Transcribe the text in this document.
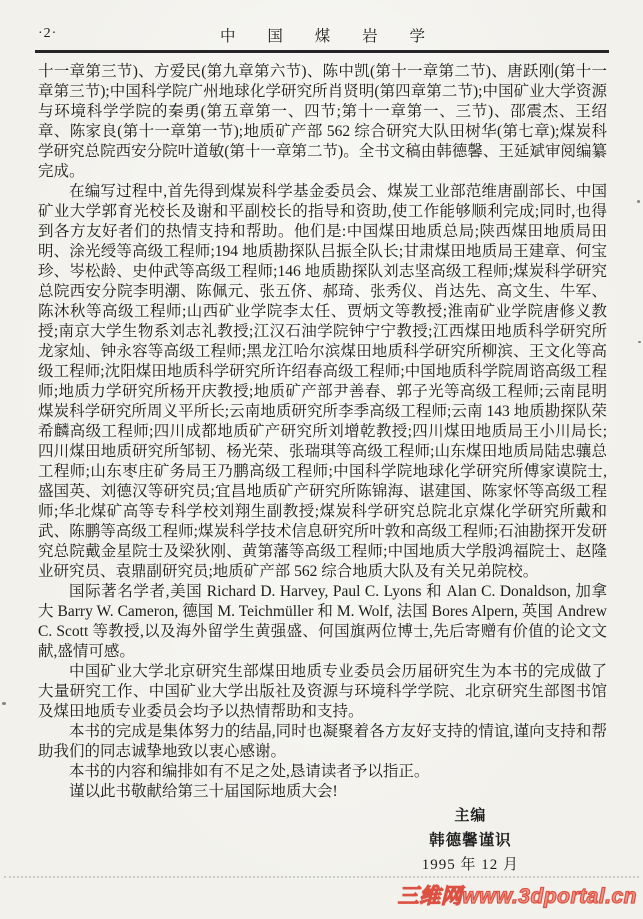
·2·	中 国 煤 岩 学

十一章第三节)、方爱民(第九章第六节)、陈中凯(第十一章第二节)、唐跃刚(第十一章第三节);中国科学院广州地球化学研究所肖贤明(第四章第二节);中国矿业大学资源与环境科学学院的秦勇(第五章第一、四节;第十一章第一、三节)、邵震杰、王绍章、陈家良(第十一章第一节);地质矿产部 562 综合研究大队田树华(第七章);煤炭科学研究总院西安分院叶道敏(第十一章第二节)。全书文稿由韩德馨、王延斌审阅编纂完成。

在编写过程中,首先得到煤炭科学基金委员会、煤炭工业部范维唐副部长、中国矿业大学郭育光校长及谢和平副校长的指导和资助,使工作能够顺利完成;同时,也得到各方友好者们的热情支持和帮助。他们是:中国煤田地质总局;陕西煤田地质局田明、涂光绶等高级工程师;194 地质勘探队吕振全队长;甘肃煤田地质局王建章、何宝珍、岑松龄、史仲武等高级工程师;146 地质勘探队刘志坚高级工程师;煤炭科学研究总院西安分院李明潮、陈佩元、张五侪、郝琦、张秀仪、肖达先、高文生、牛军、陈沐秋等高级工程师;山西矿业学院李太任、贾炳文等教授;淮南矿业学院唐修义教授;南京大学生物系刘志礼教授;江汉石油学院钟宁宁教授;江西煤田地质科学研究所龙家灿、钟永容等高级工程师;黑龙江哈尔滨煤田地质科学研究所柳滨、王文化等高级工程师;沈阳煤田地质科学研究所许绍春高级工程师;中国地质科学院周谘高级工程师;地质力学研究所杨开庆教授;地质矿产部尹善春、郭子光等高级工程师;云南昆明煤炭科学研究所周义平所长;云南地质研究所李季高级工程师;云南 143 地质勘探队荣希麟高级工程师;四川成都地质矿产研究所刘增乾教授;四川煤田地质局王小川局长;四川煤田地质研究所邹韧、杨光荣、张瑞琪等高级工程师;山东煤田地质局陆忠骧总工程师;山东枣庄矿务局王乃鹏高级工程师;中国科学院地球化学研究所傅家谟院士,盛国英、刘德汉等研究员;宜昌地质矿产研究所陈锦海、谌建国、陈家怀等高级工程师;华北煤矿高等专科学校刘翔生副教授;煤炭科学研究总院北京煤化学研究所戴和武、陈鹏等高级工程师;煤炭科学技术信息研究所叶敦和高级工程师;石油勘探开发研究总院戴金星院士及梁狄刚、黄第藩等高级工程师;中国地质大学殷鸿福院士、赵隆业研究员、袁鼎副研究员;地质矿产部 562 综合地质大队及有关兄弟院校。

国际著名学者,美国 Richard D. Harvey, Paul C. Lyons 和 Alan C. Donaldson, 加拿大 Barry W. Cameron, 德国 M. Teichmüller 和 M. Wolf, 法国 Bores Alpern, 英国 Andrew C. Scott 等教授,以及海外留学生黄强盛、何国旗两位博士,先后寄赠有价值的论文文献,盛情可感。

中国矿业大学北京研究生部煤田地质专业委员会历届研究生为本书的完成做了大量研究工作、中国矿业大学出版社及资源与环境科学学院、北京研究生部图书馆及煤田地质专业委员会均予以热情帮助和支持。

本书的完成是集体努力的结晶,同时也凝聚着各方友好支持的情谊,谨向支持和帮助我们的同志诚挚地致以衷心感谢。

本书的内容和编排如有不足之处,恳请读者予以指正。

谨以此书敬献给第三十届国际地质大会!

主编
韩德馨谨识
1995 年 12 月
三维网www.3dportal.cn
